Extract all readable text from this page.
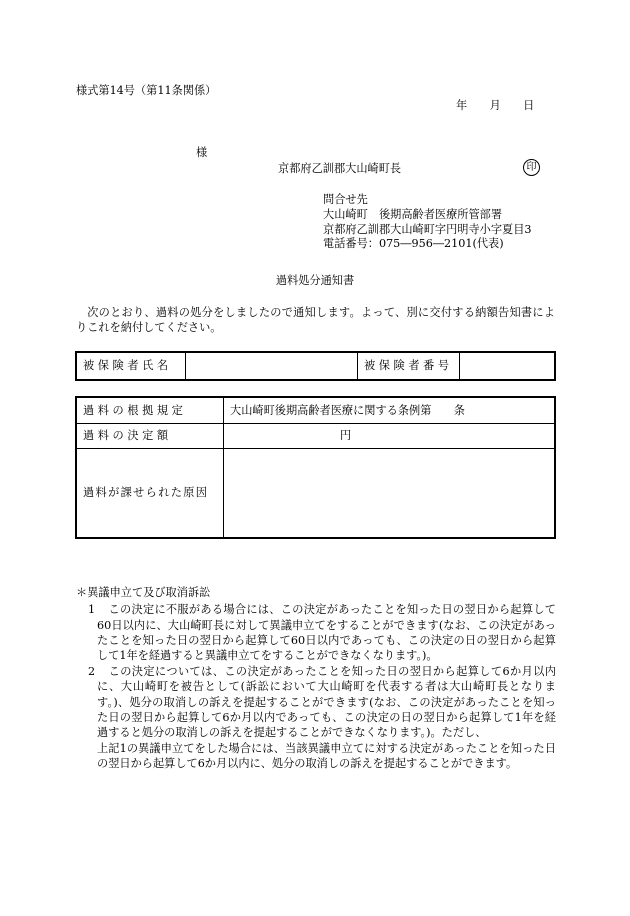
様式第14号（第11条関係）
年　　月　　日
様
京都府乙訓郡大山崎町長	印
問合せ先
大山崎町　後期高齢者医療所管部署
京都府乙訓郡大山崎町字円明寺小字夏目3
電話番号：075―956―2101(代表)
過料処分通知書
次のとおり、過料の処分をしましたので通知します。よって、別に交付する納額告知書によりこれを納付してください。
被保険者氏名		被保険者番号	
過料の根拠規定	大山崎町後期高齢者医療に関する条例第　　条
過料の決定額	円
過料が課せられた原因	
＊異議申立て及び取消訴訟
1

　	この決定に不服がある場合には、この決定があったことを知った日の翌日から起算して60日以内に、大山崎町長に対して異議申立てをすることができます(なお、この決定があったことを知った日の翌日から起算して60日以内であっても、この決定の日の翌日から起算して1年を経過すると異議申立てをすることができなくなります。)。

2

　	この決定については、この決定があったことを知った日の翌日から起算して6か月以内に、大山崎町を被告として(訴訟において大山崎町を代表する者は大山崎町長となります。)、処分の取消しの訴えを提起することができます(なお、この決定があったことを知った日の翌日から起算して6か月以内であっても、この決定の日の翌日から起算して1年を経過すると処分の取消しの訴えを提起することができなくなります。)。ただし、

上記1の異議申立てをした場合には、当該異議申立てに対する決定があったことを知った日の翌日から起算して6か月以内に、処分の取消しの訴えを提起することができます。
